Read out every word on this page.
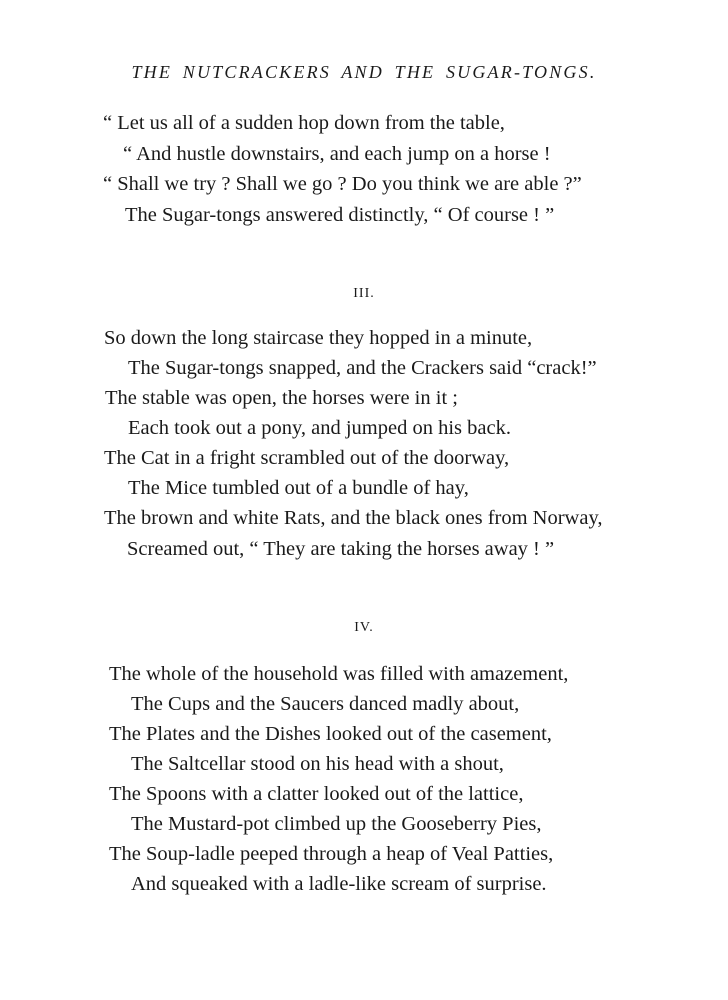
THE NUTCRACKERS AND THE SUGAR-TONGS.
“ Let us all of a sudden hop down from the table,
“ And hustle downstairs, and each jump on a horse !
“ Shall we try ? Shall we go ? Do you think we are able ?”
The Sugar-tongs answered distinctly, “ Of course ! ”
III.
So down the long staircase they hopped in a minute,
The Sugar-tongs snapped, and the Crackers said “crack!”
The stable was open, the horses were in it ;
Each took out a pony, and jumped on his back.
The Cat in a fright scrambled out of the doorway,
The Mice tumbled out of a bundle of hay,
The brown and white Rats, and the black ones from Norway,
Screamed out, “ They are taking the horses away ! ”
IV.
The whole of the household was filled with amazement,
The Cups and the Saucers danced madly about,
The Plates and the Dishes looked out of the casement,
The Saltcellar stood on his head with a shout,
The Spoons with a clatter looked out of the lattice,
The Mustard-pot climbed up the Gooseberry Pies,
The Soup-ladle peeped through a heap of Veal Patties,
And squeaked with a ladle-like scream of surprise.
